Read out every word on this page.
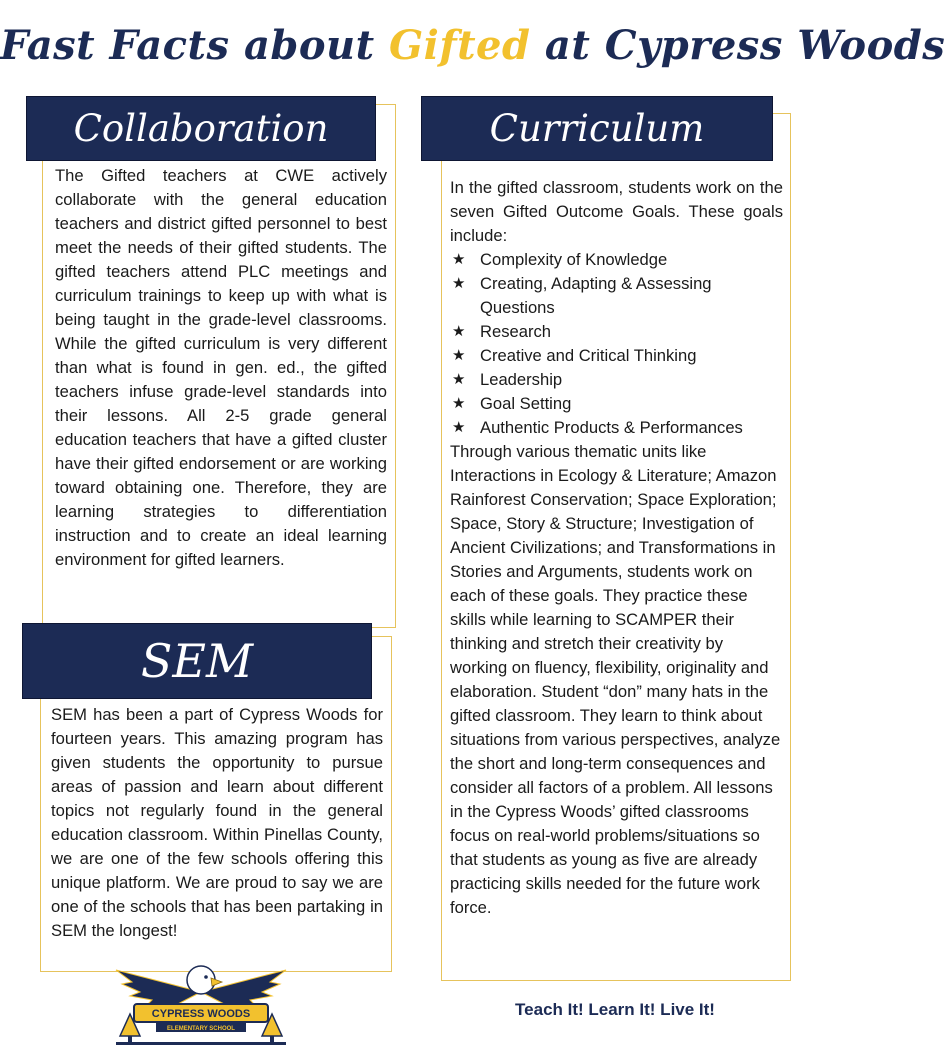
Fast Facts about Gifted at Cypress Woods
Collaboration
The Gifted teachers at CWE actively collaborate with the general education teachers and district gifted personnel to best meet the needs of their gifted students. The gifted teachers attend PLC meetings and curriculum trainings to keep up with what is being taught in the grade-level classrooms. While the gifted curriculum is very different than what is found in gen. ed., the gifted teachers infuse grade-level standards into their lessons. All 2-5 grade general education teachers that have a gifted cluster have their gifted endorsement or are working toward obtaining one. Therefore, they are learning strategies to differentiation instruction and to create an ideal learning environment for gifted learners.
SEM
SEM has been a part of Cypress Woods for fourteen years. This amazing program has given students the opportunity to pursue areas of passion and learn about different topics not regularly found in the general education classroom. Within Pinellas County, we are one of the few schools offering this unique platform. We are proud to say we are one of the schools that has been partaking in SEM the longest!
Curriculum
In the gifted classroom, students work on the seven Gifted Outcome Goals. These goals include:
★ Complexity of Knowledge
★ Creating, Adapting & Assessing Questions
★ Research
★ Creative and Critical Thinking
★ Leadership
★ Goal Setting
★ Authentic Products & Performances
Through various thematic units like Interactions in Ecology & Literature; Amazon Rainforest Conservation; Space Exploration; Space, Story & Structure; Investigation of Ancient Civilizations; and Transformations in Stories and Arguments, students work on each of these goals. They practice these skills while learning to SCAMPER their thinking and stretch their creativity by working on fluency, flexibility, originality and elaboration. Student “don” many hats in the gifted classroom. They learn to think about situations from various perspectives, analyze the short and long-term consequences and consider all factors of a problem. All lessons in the Cypress Woods’ gifted classrooms focus on real-world problems/situations so that students as young as five are already practicing skills needed for the future work force.
CYPRESS WOODS
ELEMENTARY SCHOOL
Teach It! Learn It! Live It!
